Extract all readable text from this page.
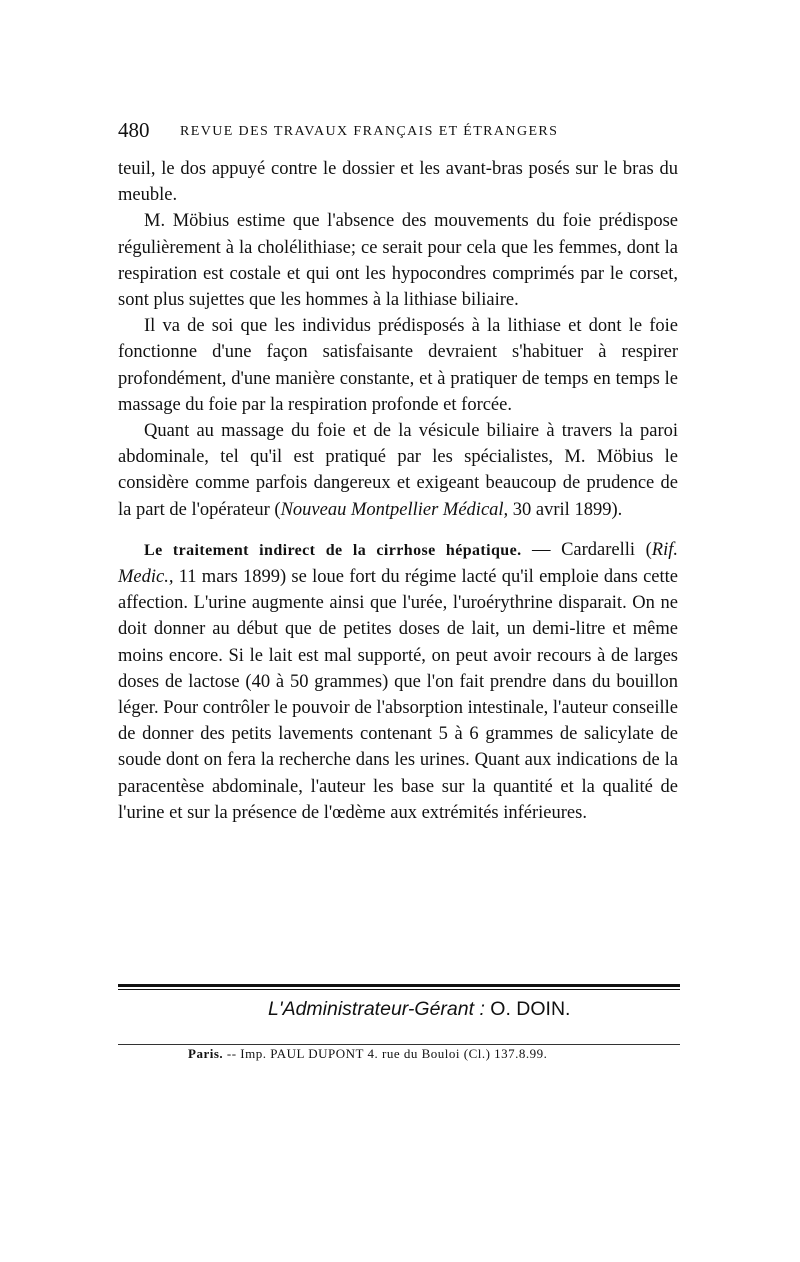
480 REVUE DES TRAVAUX FRANÇAIS ET ÉTRANGERS

teuil, le dos appuyé contre le dossier et les avant-bras posés sur le bras du meuble.

M. Möbius estime que l'absence des mouvements du foie prédispose régulièrement à la cholélithiase; ce serait pour cela que les femmes, dont la respiration est costale et qui ont les hypocondres comprimés par le corset, sont plus sujettes que les hommes à la lithiase biliaire.

Il va de soi que les individus prédisposés à la lithiase et dont le foie fonctionne d'une façon satisfaisante devraient s'habituer à respirer profondément, d'une manière constante, et à pratiquer de temps en temps le massage du foie par la respiration profonde et forcée.

Quant au massage du foie et de la vésicule biliaire à travers la paroi abdominale, tel qu'il est pratiqué par les spécialistes, M. Möbius le considère comme parfois dangereux et exigeant beaucoup de prudence de la part de l'opérateur (Nouveau Montpellier Médical, 30 avril 1899).

Le traitement indirect de la cirrhose hépatique. — Cardarelli (Rif. Medic., 11 mars 1899) se loue fort du régime lacté qu'il emploie dans cette affection. L'urine augmente ainsi que l'urée, l'uroérythrine disparait. On ne doit donner au début que de petites doses de lait, un demi-litre et même moins encore. Si le lait est mal supporté, on peut avoir recours à de larges doses de lactose (40 à 50 grammes) que l'on fait prendre dans du bouillon léger. Pour contrôler le pouvoir de l'absorption intestinale, l'auteur conseille de donner des petits lavements contenant 5 à 6 grammes de salicylate de soude dont on fera la recherche dans les urines. Quant aux indications de la paracentèse abdominale, l'auteur les base sur la quantité et la qualité de l'urine et sur la présence de l'œdème aux extrémités inférieures.

L'Administrateur-Gérant : O. DOIN.
Paris. -- Imp. PAUL DUPONT 4. rue du Bouloi (Cl.) 137.8.99.
